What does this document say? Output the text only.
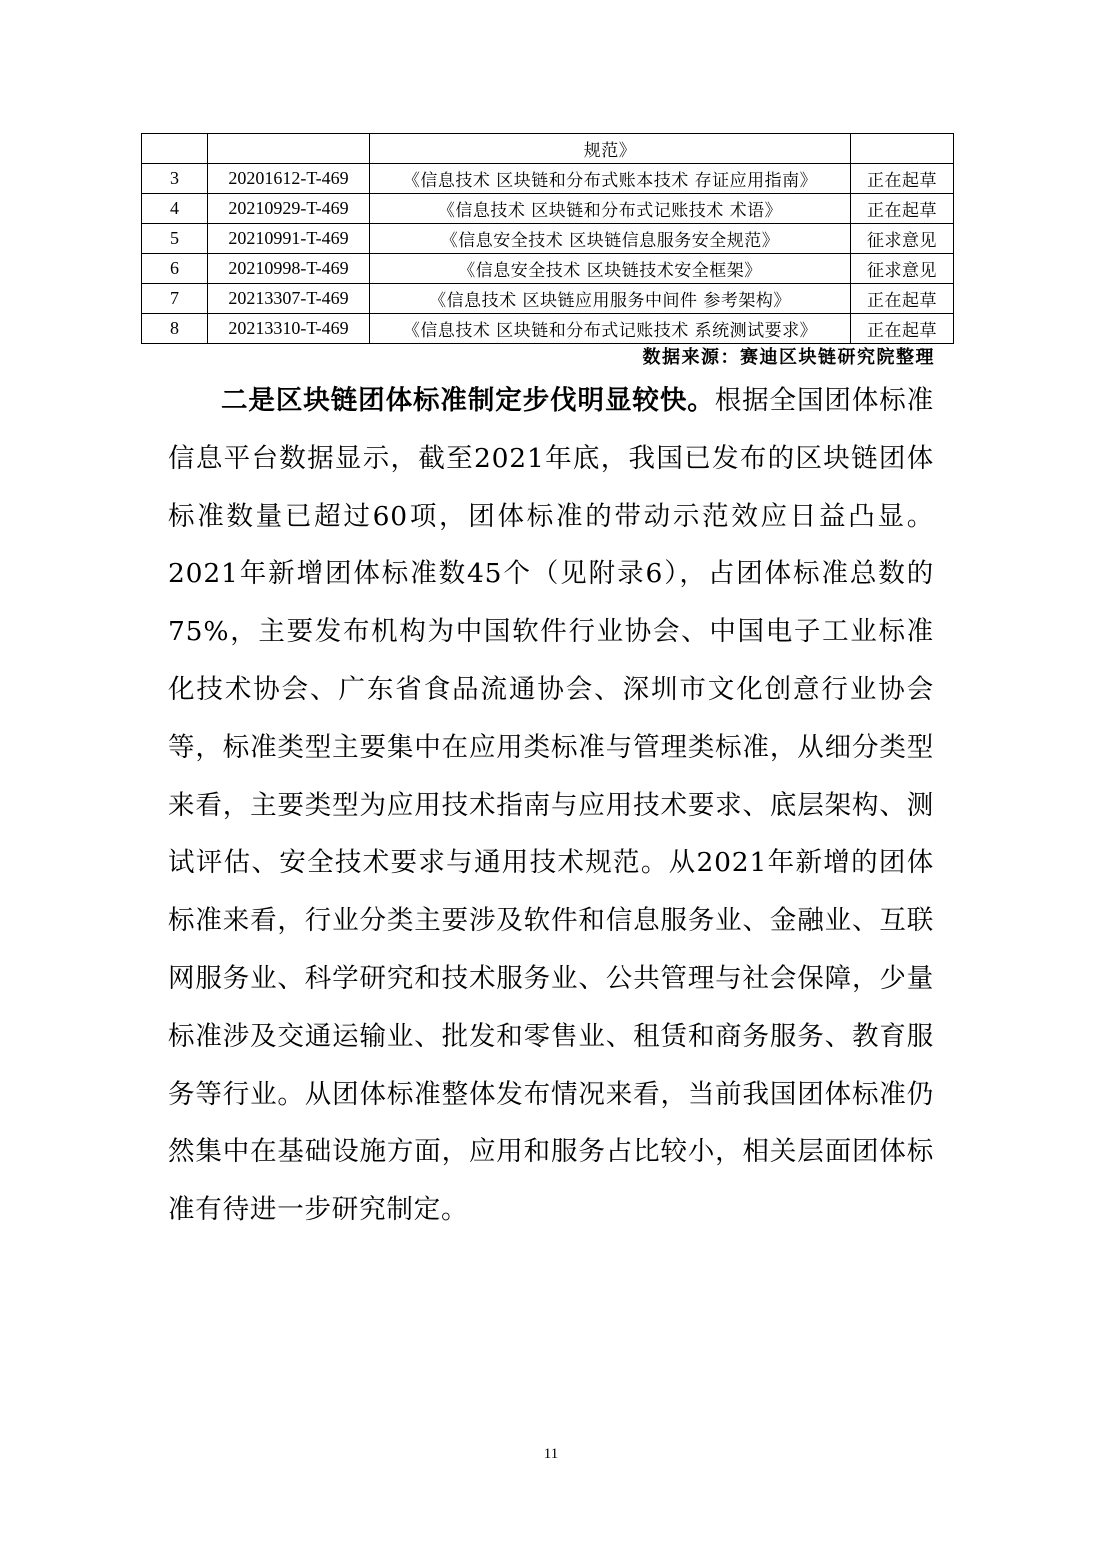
		规范》	
3	20201612-T-469	《信息技术 区块链和分布式账本技术 存证应用指南》	正在起草
4	20210929-T-469	《信息技术 区块链和分布式记账技术 术语》	正在起草
5	20210991-T-469	《信息安全技术 区块链信息服务安全规范》	征求意见
6	20210998-T-469	《信息安全技术 区块链技术安全框架》	征求意见
7	20213307-T-469	《信息技术 区块链应用服务中间件 参考架构》	正在起草
8	20213310-T-469	《信息技术 区块链和分布式记账技术 系统测试要求》	正在起草
数据来源：赛迪区块链研究院整理

二是区块链团体标准制定步伐明显较快。根据全国团体标准信息平台数据显示，截至2021年底，我国已发布的区块链团体标准数量已超过60项，团体标准的带动示范效应日益凸显。2021年新增团体标准数45个（见附录6），占团体标准总数的75%，主要发布机构为中国软件行业协会、中国电子工业标准化技术协会、广东省食品流通协会、深圳市文化创意行业协会等，标准类型主要集中在应用类标准与管理类标准，从细分类型来看，主要类型为应用技术指南与应用技术要求、底层架构、测试评估、安全技术要求与通用技术规范。从2021年新增的团体标准来看，行业分类主要涉及软件和信息服务业、金融业、互联网服务业、科学研究和技术服务业、公共管理与社会保障，少量标准涉及交通运输业、批发和零售业、租赁和商务服务、教育服务等行业。从团体标准整体发布情况来看，当前我国团体标准仍然集中在基础设施方面，应用和服务占比较小，相关层面团体标准有待进一步研究制定。

11
